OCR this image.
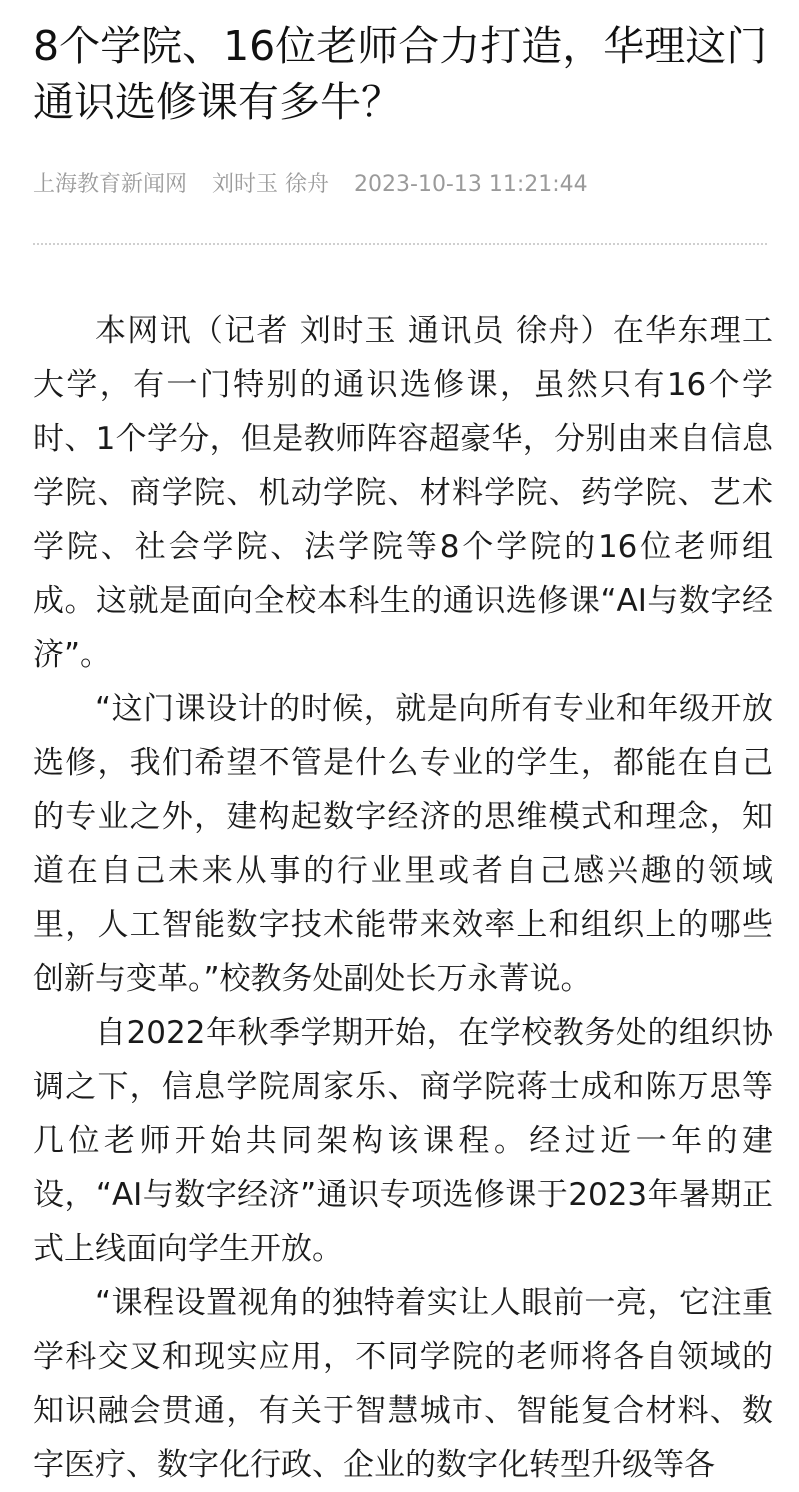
8个学院、16位老师合力打造，华理这门通识选修课有多牛？
上海教育新闻网 刘时玉 徐舟 2023-10-13 11:21:44

本网讯（记者 刘时玉 通讯员 徐舟）在华东理工大学，有一门特别的通识选修课，虽然只有16个学时、1个学分，但是教师阵容超豪华，分别由来自信息学院、商学院、机动学院、材料学院、药学院、艺术学院、社会学院、法学院等8个学院的16位老师组成。这就是面向全校本科生的通识选修课“AI与数字经济”。

“这门课设计的时候，就是向所有专业和年级开放选修，我们希望不管是什么专业的学生，都能在自己的专业之外，建构起数字经济的思维模式和理念，知道在自己未来从事的行业里或者自己感兴趣的领域里，人工智能数字技术能带来效率上和组织上的哪些创新与变革。”校教务处副处长万永菁说。

自2022年秋季学期开始，在学校教务处的组织协调之下，信息学院周家乐、商学院蒋士成和陈万思等几位老师开始共同架构该课程。经过近一年的建设，“AI与数字经济”通识专项选修课于2023年暑期正式上线面向学生开放。

“课程设置视角的独特着实让人眼前一亮，它注重学科交叉和现实应用，不同学院的老师将各自领域的知识融会贯通，有关于智慧城市、智能复合材料、数字医疗、数字化行政、企业的数字化转型升级等各
